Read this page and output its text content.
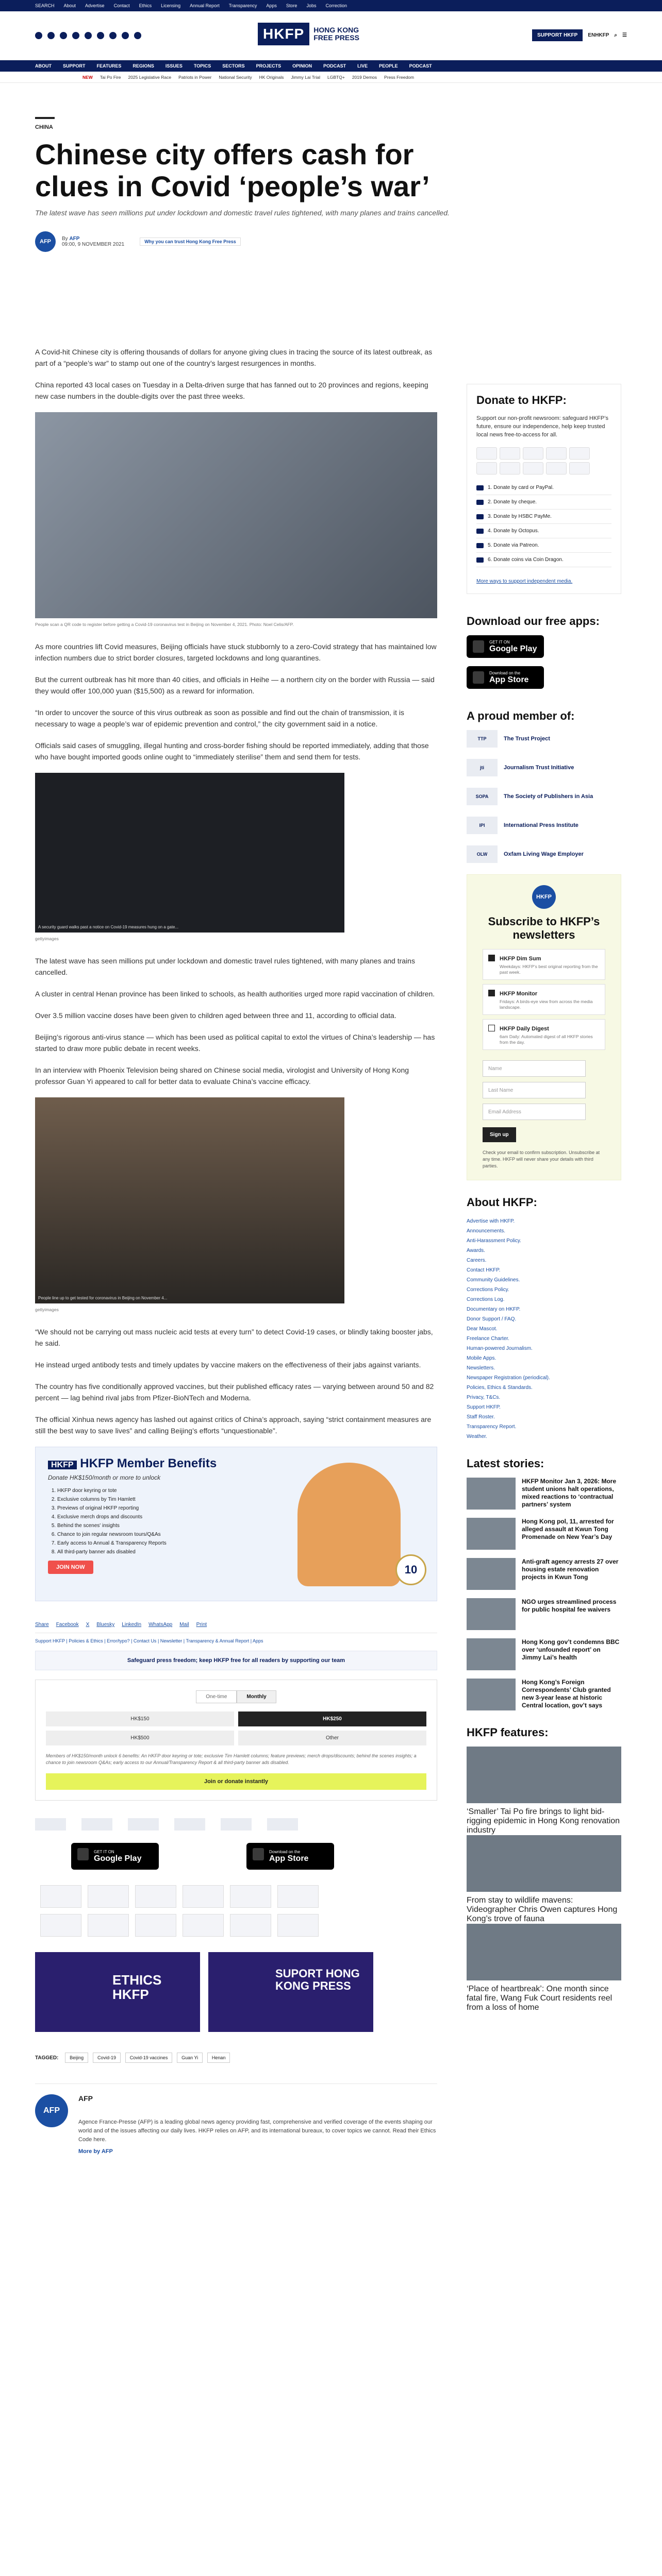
SEARCH About Advertise Contact Ethics Licensing Annual Report Transparency Apps Store Jobs Correction
HKFP	HONG KONG
FREE PRESS	SUPPORT HKFP	ENHKFP ⌕ ☰
ABOUT SUPPORT FEATURES REGIONS ISSUES TOPICS SECTORS PROJECTS OPINION PODCAST LIVE PEOPLE PODCAST
NEW Tai Po Fire 2025 Legislative Race Patriots in Power National Security HK Originals Jimmy Lai Trial LGBTQ+ 2019 Demos Press Freedom
CHINA
Chinese city offers cash for clues in Covid ‘people’s war’
The latest wave has seen millions put under lockdown and domestic travel rules tightened, with many planes and trains cancelled.
AFP	By AFP
09:00, 9 NOVEMBER 2021	Why you can trust Hong Kong Free Press

A Covid-hit Chinese city is offering thousands of dollars for anyone giving clues in tracing the source of its latest outbreak, as part of a “people’s war” to stamp out one of the country’s largest resurgences in months.

China reported 43 local cases on Tuesday in a Delta-driven surge that has fanned out to 20 provinces and regions, keeping new case numbers in the double-digits over the past three weeks.

People scan a QR code to register before getting a Covid-19 coronavirus test in Beijing on November 4, 2021. Photo: Noel Celis/AFP.

As more countries lift Covid measures, Beijing officials have stuck stubbornly to a zero-Covid strategy that has maintained low infection numbers due to strict border closures, targeted lockdowns and long quarantines.

But the current outbreak has hit more than 40 cities, and officials in Heihe — a northern city on the border with Russia — said they would offer 100,000 yuan ($15,500) as a reward for information.

“In order to uncover the source of this virus outbreak as soon as possible and find out the chain of transmission, it is necessary to wage a people’s war of epidemic prevention and control,” the city government said in a notice.

Officials said cases of smuggling, illegal hunting and cross-border fishing should be reported immediately, adding that those who have bought imported goods online ought to “immediately sterilise” them and send them for tests.

A security guard walks past a notice on Covid-19 measures hung on a gate...
gettyimages

The latest wave has seen millions put under lockdown and domestic travel rules tightened, with many planes and trains cancelled.

A cluster in central Henan province has been linked to schools, as health authorities urged more rapid vaccination of children.

Over 3.5 million vaccine doses have been given to children aged between three and 11, according to official data.

Beijing’s rigorous anti-virus stance — which has been used as political capital to extol the virtues of China’s leadership — has started to draw more public debate in recent weeks.

In an interview with Phoenix Television being shared on Chinese social media, virologist and University of Hong Kong professor Guan Yi appeared to call for better data to evaluate China’s vaccine efficacy.

People line up to get tested for coronavirus in Beijing on November 4...
gettyimages

“We should not be carrying out mass nucleic acid tests at every turn” to detect Covid-19 cases, or blindly taking booster jabs, he said.

He instead urged antibody tests and timely updates by vaccine makers on the effectiveness of their jabs against variants.

The country has five conditionally approved vaccines, but their published efficacy rates — varying between around 50 and 82 percent — lag behind rival jabs from Pfizer-BioNTech and Moderna.

The official Xinhua news agency has lashed out against critics of China’s approach, saying “strict containment measures are still the best way to save lives” and calling Beijing’s efforts “unquestionable”.

HKFP HKFP Member Benefits
Donate HK$150/month or more to unlock
1. HKFP door keyring or tote
2. Exclusive columns by Tim Hamlett
3. Previews of original HKFP reporting
4. Exclusive merch drops and discounts
5. Behind the scenes' insights
6. Chance to join regular newsroom tours/Q&As
7. Early access to Annual & Transparency Reports
8. All third-party banner ads disabled
JOIN NOW	10
Share Facebook X Bluesky LinkedIn WhatsApp Mail Print
Support HKFP | Policies & Ethics | Error/typo? | Contact Us | Newsletter | Transparency & Annual Report | Apps
Safeguard press freedom; keep HKFP free for all readers by supporting our team
One-time	Monthly
HK$150	HK$250
HK$500	Other
Members of HK$150/month unlock 6 benefits: An HKFP door keyring or tote; exclusive Tim Hamlett columns; feature previews; merch drops/discounts; behind the scenes insights; a chance to join newsroom Q&As; early access to our Annual/Transparency Report & all third-party banner ads disabled.
Join or donate instantly
GET IT ON
Google Play
Download on the
App Store
ETHICS HKFP
SUPORT HONG KONG PRESS
TAGGED: Beijing	Covid-19	Covid-19 vaccines	Guan Yi	Henan
AFP
AFP
Agence France-Presse (AFP) is a leading global news agency providing fast, comprehensive and verified coverage of the events shaping our world and of the issues affecting our daily lives. HKFP relies on AFP, and its international bureaux, to cover topics we cannot. Read their Ethics Code here.
More by AFP
Donate to HKFP:
Support our non-profit newsroom: safeguard HKFP’s future, ensure our independence, help keep trusted local news free-to-access for all.
1. Donate by card or PayPal.
2. Donate by cheque.
3. Donate by HSBC PayMe.
4. Donate by Octopus.
5. Donate via Patreon.
6. Donate coins via Coin Dragon.
More ways to support independent media.
Download our free apps:
GET IT ON
Google Play
Download on the
App Store
A proud member of:
TTP	The Trust Project
jti	Journalism Trust Initiative
SOPA	The Society of Publishers in Asia
IPI	International Press Institute
OLW	Oxfam Living Wage Employer
HKFP
Subscribe to HKFP’s newsletters
HKFP Dim Sum

Weekdays: HKFP’s best original reporting from the past week.

HKFP Monitor

Fridays: A birds-eye view from across the media landscape.

HKFP Daily Digest

6am Daily: Automated digest of all HKFP stories from the day.

Name
Last Name
Email Address
Sign up
Check your email to confirm subscription. Unsubscribe at any time. HKFP will never share your details with third parties.
About HKFP:
Advertise with HKFP.
Announcements.
Anti-Harassment Policy.
Awards.
Careers.
Contact HKFP.
Community Guidelines.
Corrections Policy.
Corrections Log.
Documentary on HKFP.
Donor Support / FAQ.
Dear Mascot.
Freelance Charter.
Human-powered Journalism.
Mobile Apps.
Newsletters.
Newspaper Registration (periodical).
Policies, Ethics & Standards.
Privacy, T&Cs.
Support HKFP.
Staff Roster.
Transparency Report.
Weather.
Latest stories:
HKFP Monitor Jan 3, 2026: More student unions halt operations, mixed reactions to ‘contractual partners’ system
Hong Kong pol, 11, arrested for alleged assault at Kwun Tong Promenade on New Year’s Day
Anti-graft agency arrests 27 over housing estate renovation projects in Kwun Tong
NGO urges streamlined process for public hospital fee waivers
Hong Kong gov’t condemns BBC over ‘unfounded report’ on Jimmy Lai’s health
Hong Kong’s Foreign Correspondents’ Club granted new 3-year lease at historic Central location, gov’t says
HKFP features:
‘Smaller’ Tai Po fire brings to light bid-rigging epidemic in Hong Kong renovation industry
From stay to wildlife mavens: Videographer Chris Owen captures Hong Kong’s trove of fauna
‘Place of heartbreak’: One month since fatal fire, Wang Fuk Court residents reel from a loss of home
